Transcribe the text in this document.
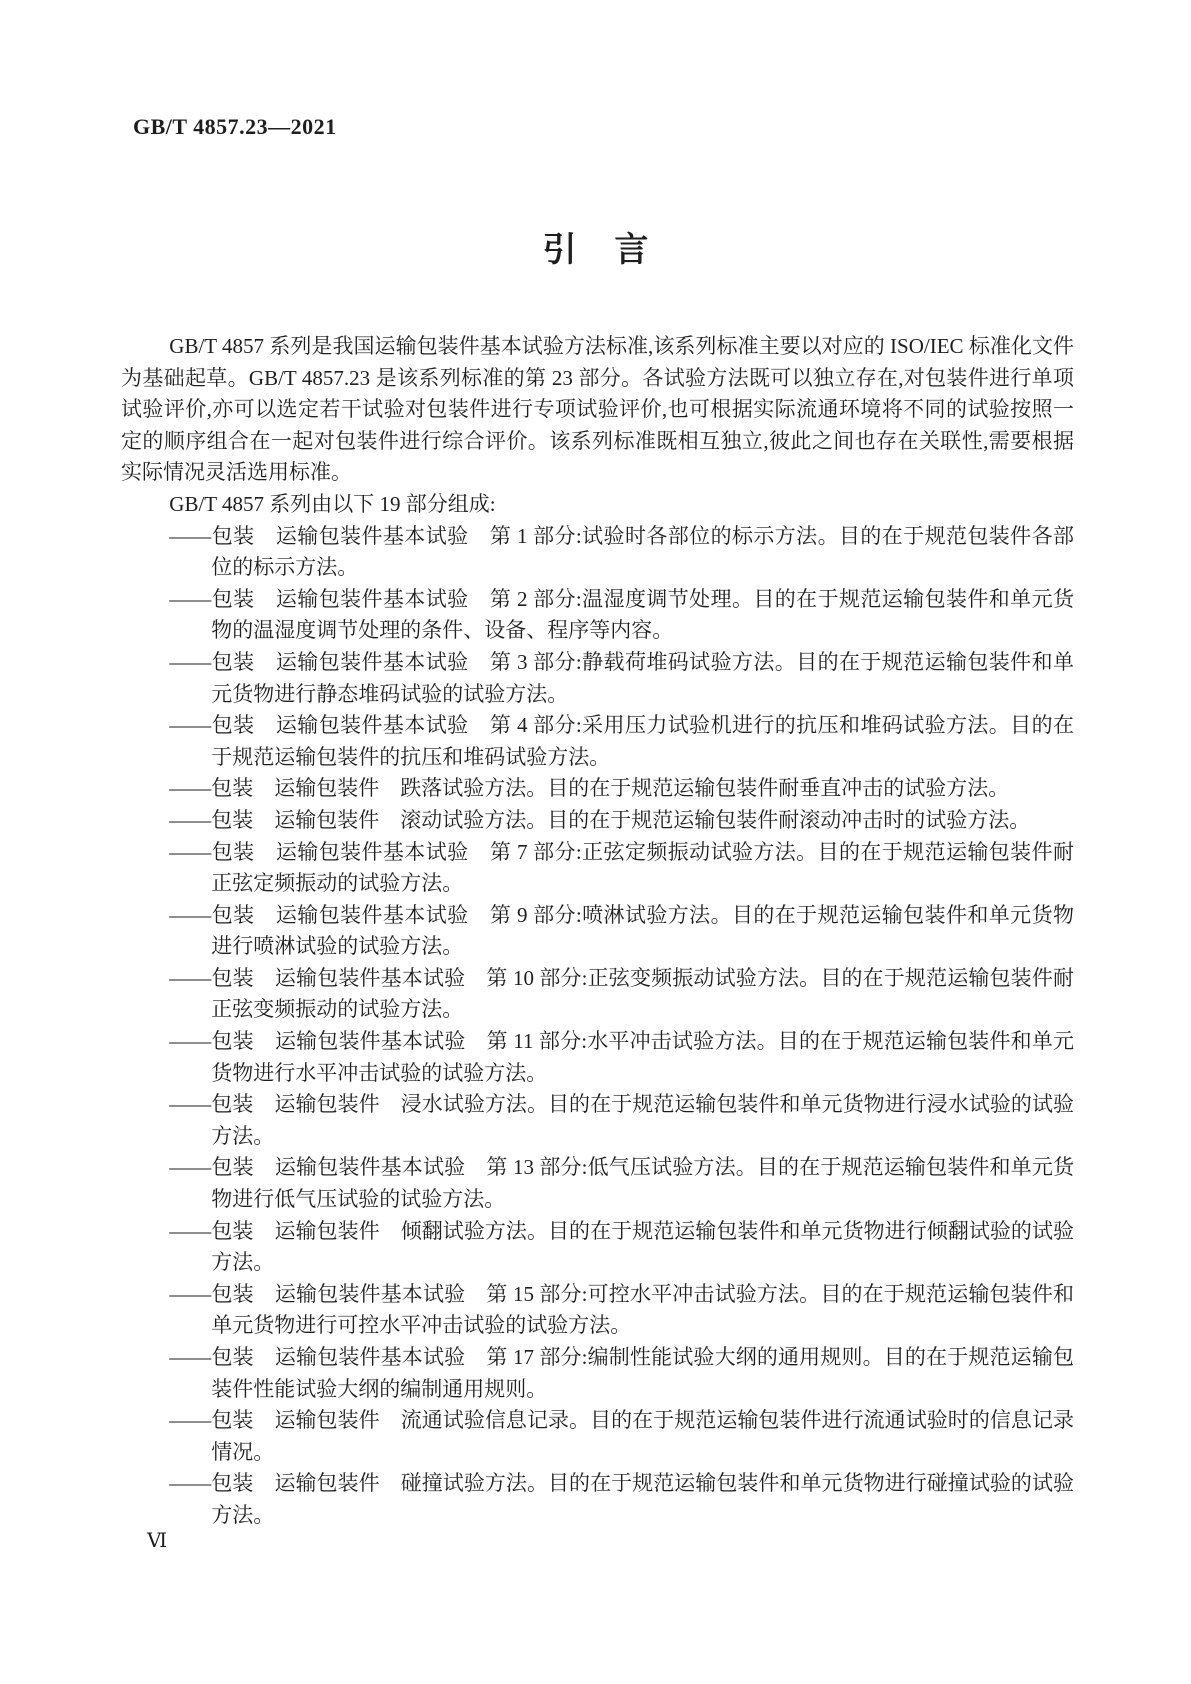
GB/T 4857.23—2021
引    言

GB/T 4857 系列是我国运输包装件基本试验方法标准,该系列标准主要以对应的 ISO/IEC 标准化文件为基础起草。GB/T 4857.23 是该系列标准的第 23 部分。各试验方法既可以独立存在,对包装件进行单项试验评价,亦可以选定若干试验对包装件进行专项试验评价,也可根据实际流通环境将不同的试验按照一定的顺序组合在一起对包装件进行综合评价。该系列标准既相互独立,彼此之间也存在关联性,需要根据实际情况灵活选用标准。

GB/T 4857 系列由以下 19 部分组成:

——包装　运输包装件基本试验　第 1 部分:试验时各部位的标示方法。目的在于规范包装件各部位的标示方法。
——包装　运输包装件基本试验　第 2 部分:温湿度调节处理。目的在于规范运输包装件和单元货物的温湿度调节处理的条件、设备、程序等内容。
——包装　运输包装件基本试验　第 3 部分:静载荷堆码试验方法。目的在于规范运输包装件和单元货物进行静态堆码试验的试验方法。
——包装　运输包装件基本试验　第 4 部分:采用压力试验机进行的抗压和堆码试验方法。目的在于规范运输包装件的抗压和堆码试验方法。
——包装　运输包装件　跌落试验方法。目的在于规范运输包装件耐垂直冲击的试验方法。
——包装　运输包装件　滚动试验方法。目的在于规范运输包装件耐滚动冲击时的试验方法。
——包装　运输包装件基本试验　第 7 部分:正弦定频振动试验方法。目的在于规范运输包装件耐正弦定频振动的试验方法。
——包装　运输包装件基本试验　第 9 部分:喷淋试验方法。目的在于规范运输包装件和单元货物进行喷淋试验的试验方法。
——包装　运输包装件基本试验　第 10 部分:正弦变频振动试验方法。目的在于规范运输包装件耐正弦变频振动的试验方法。
——包装　运输包装件基本试验　第 11 部分:水平冲击试验方法。目的在于规范运输包装件和单元货物进行水平冲击试验的试验方法。
——包装　运输包装件　浸水试验方法。目的在于规范运输包装件和单元货物进行浸水试验的试验方法。
——包装　运输包装件基本试验　第 13 部分:低气压试验方法。目的在于规范运输包装件和单元货物进行低气压试验的试验方法。
——包装　运输包装件　倾翻试验方法。目的在于规范运输包装件和单元货物进行倾翻试验的试验方法。
——包装　运输包装件基本试验　第 15 部分:可控水平冲击试验方法。目的在于规范运输包装件和单元货物进行可控水平冲击试验的试验方法。
——包装　运输包装件基本试验　第 17 部分:编制性能试验大纲的通用规则。目的在于规范运输包装件性能试验大纲的编制通用规则。
——包装　运输包装件　流通试验信息记录。目的在于规范运输包装件进行流通试验时的信息记录情况。
——包装　运输包装件　碰撞试验方法。目的在于规范运输包装件和单元货物进行碰撞试验的试验方法。
Ⅵ
